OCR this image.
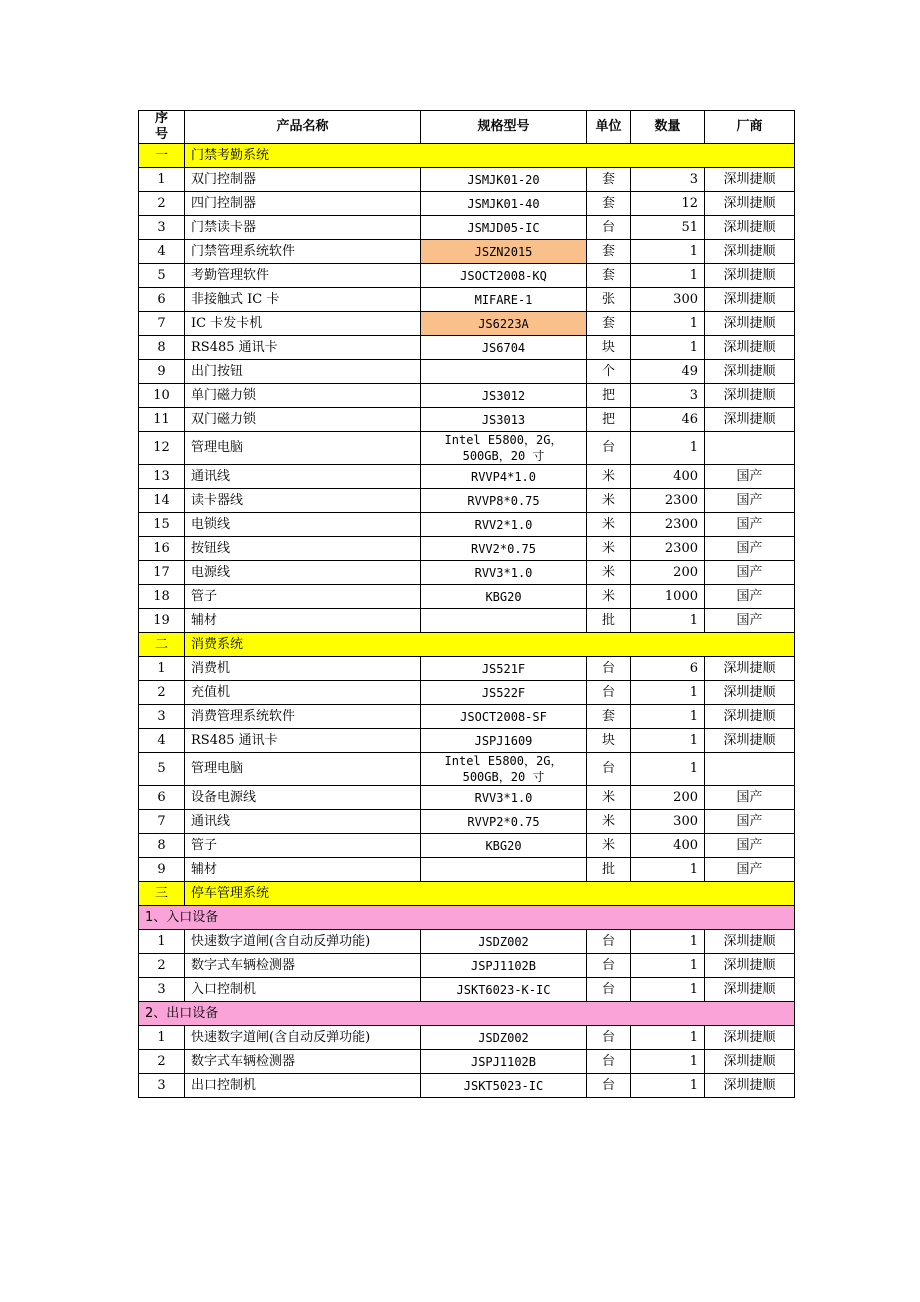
序号	产品名称	规格型号	单位	数量	厂商
一	门禁考勤系统				
1	双门控制器	JSMJK01-20	套	3	深圳捷顺
2	四门控制器	JSMJK01-40	套	12	深圳捷顺
3	门禁读卡器	JSMJD05-IC	台	51	深圳捷顺
4	门禁管理系统软件	JSZN2015	套	1	深圳捷顺
5	考勤管理软件	JSOCT2008-KQ	套	1	深圳捷顺
6	非接触式 IC 卡	MIFARE-1	张	300	深圳捷顺
7	IC 卡发卡机	JS6223A	套	1	深圳捷顺
8	RS485 通讯卡	JS6704	块	1	深圳捷顺
9	出门按钮		个	49	深圳捷顺
10	单门磁力锁	JS3012	把	3	深圳捷顺
11	双门磁力锁	JS3013	把	46	深圳捷顺
12	管理电脑	Intel E5800，2G，500GB，20 寸	台	1	
13	通讯线	RVVP4*1.0	米	400	国产
14	读卡器线	RVVP8*0.75	米	2300	国产
15	电锁线	RVV2*1.0	米	2300	国产
16	按钮线	RVV2*0.75	米	2300	国产
17	电源线	RVV3*1.0	米	200	国产
18	管子	KBG20	米	1000	国产
19	辅材		批	1	国产
二	消费系统				
1	消费机	JS521F	台	6	深圳捷顺
2	充值机	JS522F	台	1	深圳捷顺
3	消费管理系统软件	JSOCT2008-SF	套	1	深圳捷顺
4	RS485 通讯卡	JSPJ1609	块	1	深圳捷顺
5	管理电脑	Intel E5800，2G，500GB，20 寸	台	1	
6	设备电源线	RVV3*1.0	米	200	国产
7	通讯线	RVVP2*0.75	米	300	国产
8	管子	KBG20	米	400	国产
9	辅材		批	1	国产
三	停车管理系统				
1、入口设备					
1	快速数字道闸(含自动反弹功能)	JSDZ002	台	1	深圳捷顺
2	数字式车辆检测器	JSPJ1102B	台	1	深圳捷顺
3	入口控制机	JSKT6023-K-IC	台	1	深圳捷顺
2、出口设备					
1	快速数字道闸(含自动反弹功能)	JSDZ002	台	1	深圳捷顺
2	数字式车辆检测器	JSPJ1102B	台	1	深圳捷顺
3	出口控制机	JSKT5023-IC	台	1	深圳捷顺
